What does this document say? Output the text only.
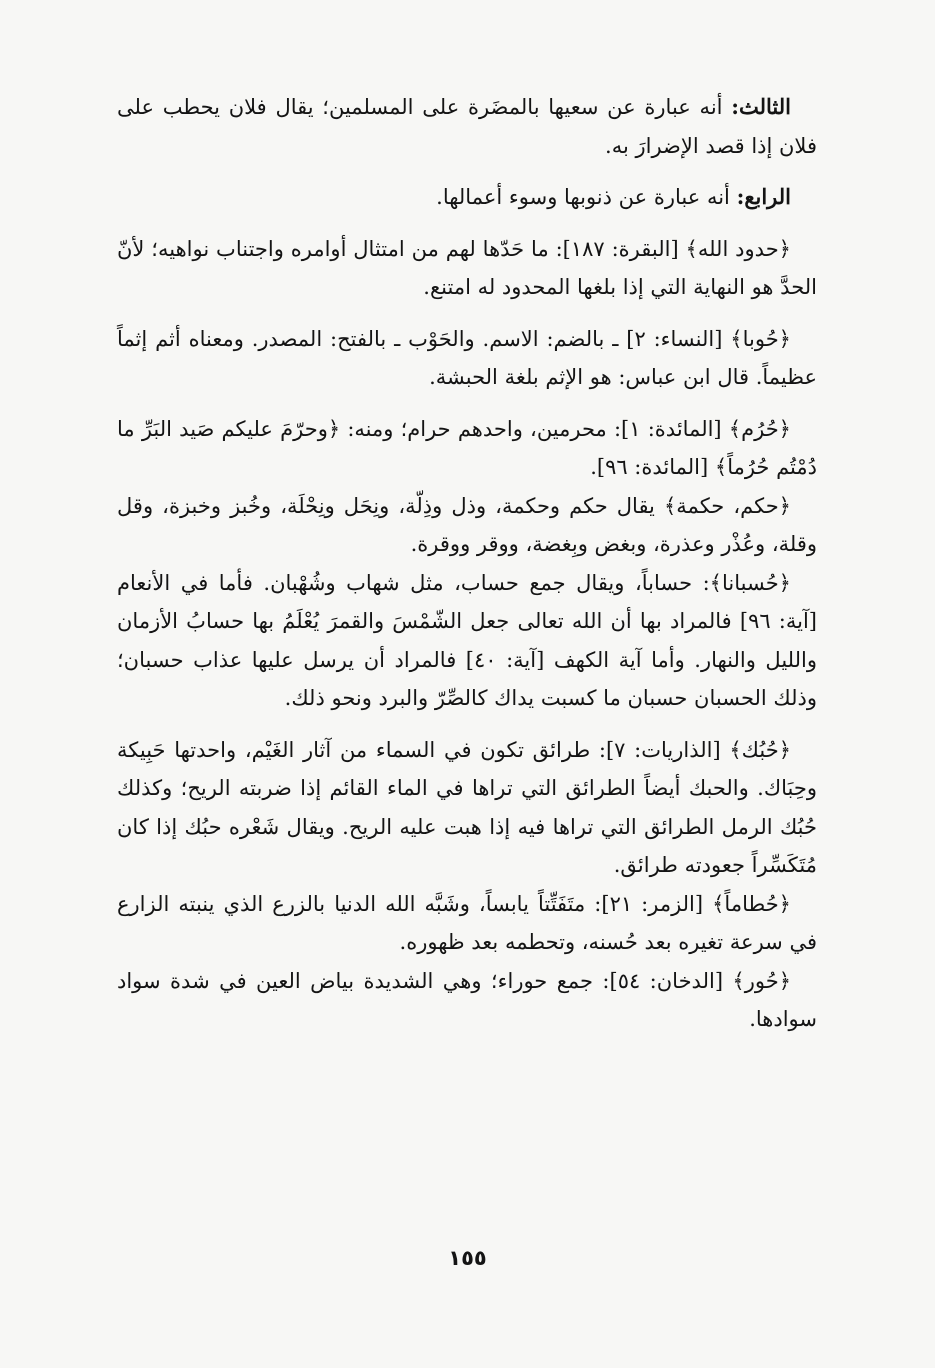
الثالث: أنه عبارة عن سعيها بالمضَرة على المسلمين؛ يقال فلان يحطب على فلان إذا قصد الإضرارَ به.

الرابع: أنه عبارة عن ذنوبها وسوء أعمالها.

﴿حدود الله﴾ [البقرة: ١٨٧]: ما حَدّها لهم من امتثال أوامره واجتناب نواهيه؛ لأنّ الحدَّ هو النهاية التي إذا بلغها المحدود له امتنع.

﴿حُوبا﴾ [النساء: ٢] ـ بالضم: الاسم. والحَوْب ـ بالفتح: المصدر. ومعناه أثم إثماً عظيماً. قال ابن عباس: هو الإثم بلغة الحبشة.

﴿حُرُم﴾ [المائدة: ١]: محرمين، واحدهم حرام؛ ومنه: ﴿وحرّمَ عليكم صَيد البَرِّ ما دُمْتُم حُرُماً﴾ [المائدة: ٩٦].

﴿حكم، حكمة﴾ يقال حكم وحكمة، وذل وذِلّة، ونِحَل ونِحْلَة، وخُبز وخبزة، وقل وقلة، وعُذْر وعذرة، وبغض وبِغضة، ووقر ووقرة.

﴿حُسبانا﴾: حساباً، ويقال جمع حساب، مثل شهاب وشُهْبان. فأما في الأنعام [آية: ٩٦] فالمراد بها أن الله تعالى جعل الشّمْسَ والقمرَ يُعْلَمُ بها حسابُ الأزمان والليل والنهار. وأما آية الكهف [آية: ٤٠] فالمراد أن يرسل عليها عذاب حسبان؛ وذلك الحسبان حسبان ما كسبت يداك كالصِّرّ والبرد ونحو ذلك.

﴿حُبُك﴾ [الذاريات: ٧]: طرائق تكون في السماء من آثار الغَيْم، واحدتها حَبِيكة وحِبَاك. والحبك أيضاً الطرائق التي تراها في الماء القائم إذا ضربته الريح؛ وكذلك حُبُك الرمل الطرائق التي تراها فيه إذا هبت عليه الريح. ويقال شَعْره حبُك إذا كان مُتَكَسِّراً جعودته طرائق.

﴿حُطاماً﴾ [الزمر: ٢١]: متَفَتِّتاً يابساً، وشَبَّه الله الدنيا بالزرع الذي ينبته الزارع في سرعة تغيره بعد حُسنه، وتحطمه بعد ظهوره.

﴿حُور﴾ [الدخان: ٥٤]: جمع حوراء؛ وهي الشديدة بياض العين في شدة سواد سوادها.

١٥٥
